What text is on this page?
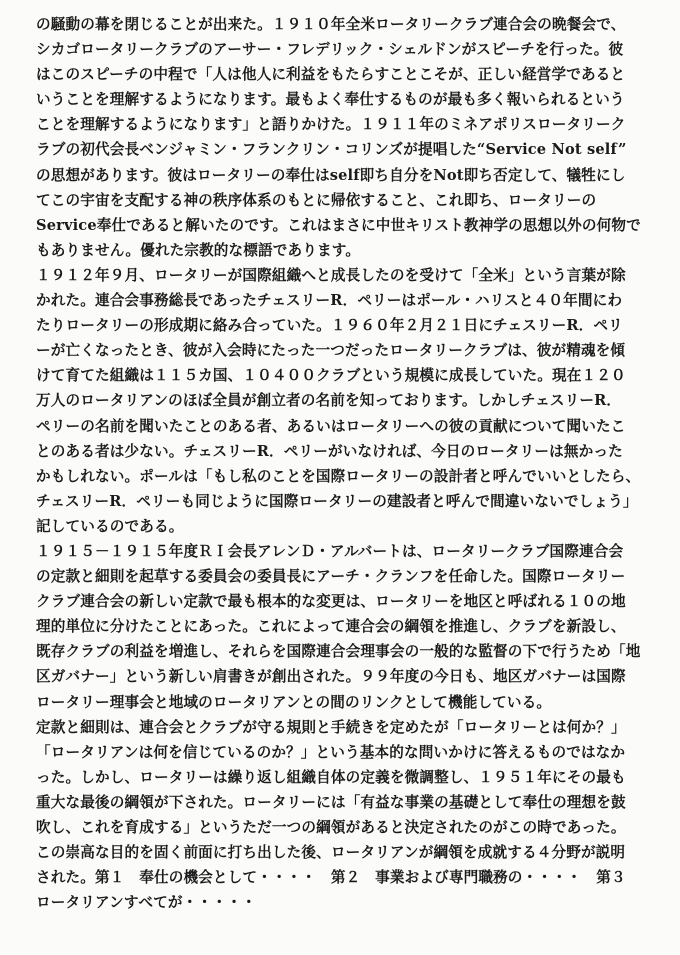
の騒動の幕を閉じることが出来た。１９１０年全米ロータリークラブ連合会の晩餐会で、
シカゴロータリークラブのアーサー・フレデリック・シェルドンがスピーチを行った。彼
はこのスピーチの中程で「人は他人に利益をもたらすことこそが、正しい経営学であると
いうことを理解するようになります。最もよく奉仕するものが最も多く報いられるという
ことを理解するようになります」と語りかけた。１９１１年のミネアポリスロータリーク
ラブの初代会長ベンジャミン・フランクリン・コリンズが提唱した“Service Not self”
の思想があります。彼はロータリーの奉仕はself即ち自分をNot即ち否定して、犠牲にし
てこの宇宙を支配する神の秩序体系のもとに帰依すること、これ即ち、ロータリーの
Service奉仕であると解いたのです。これはまさに中世キリスト教神学の思想以外の何物で
もありません。優れた宗教的な標語であります。
１９１２年９月、ロータリーが国際組織へと成長したのを受けて「全米」という言葉が除
かれた。連合会事務総長であったチェスリーR．ペリーはポール・ハリスと４０年間にわ
たりロータリーの形成期に絡み合っていた。１９６０年２月２１日にチェスリーR．ペリ
ーが亡くなったとき、彼が入会時にたった一つだったロータリークラブは、彼が精魂を傾
けて育てた組織は１１５カ国、１０４００クラブという規模に成長していた。現在１２０
万人のロータリアンのほぼ全員が創立者の名前を知っております。しかしチェスリーR．
ペリーの名前を聞いたことのある者、あるいはロータリーへの彼の貢献について聞いたこ
とのある者は少ない。チェスリーR．ペリーがいなければ、今日のロータリーは無かった
かもしれない。ポールは「もし私のことを国際ロータリーの設計者と呼んでいいとしたら、
チェスリーR．ペリーも同じように国際ロータリーの建設者と呼んで間違いないでしょう」
記しているのである。
１９１５－１９１５年度ＲＩ会長アレンＤ・アルバートは、ロータリークラブ国際連合会
の定款と細則を起草する委員会の委員長にアーチ・クランフを任命した。国際ロータリー
クラブ連合会の新しい定款で最も根本的な変更は、ロータリーを地区と呼ばれる１０の地
理的単位に分けたことにあった。これによって連合会の綱領を推進し、クラブを新設し、
既存クラブの利益を増進し、それらを国際連合会理事会の一般的な監督の下で行うため「地
区ガバナー」という新しい肩書きが創出された。９９年度の今日も、地区ガバナーは国際
ロータリー理事会と地域のロータリアンとの間のリンクとして機能している。
定款と細則は、連合会とクラブが守る規則と手続きを定めたが「ロータリーとは何か？」
「ロータリアンは何を信じているのか？」という基本的な問いかけに答えるものではなか
った。しかし、ロータリーは繰り返し組織自体の定義を微調整し、１９５１年にその最も
重大な最後の綱領が下された。ロータリーには「有益な事業の基礎として奉仕の理想を鼓
吹し、これを育成する」というただ一つの綱領があると決定されたのがこの時であった。
この崇高な目的を固く前面に打ち出した後、ロータリアンが綱領を成就する４分野が説明
された。第１　奉仕の機会として・・・・　第２　事業および専門職務の・・・・　第３
ロータリアンすべてが・・・・・
